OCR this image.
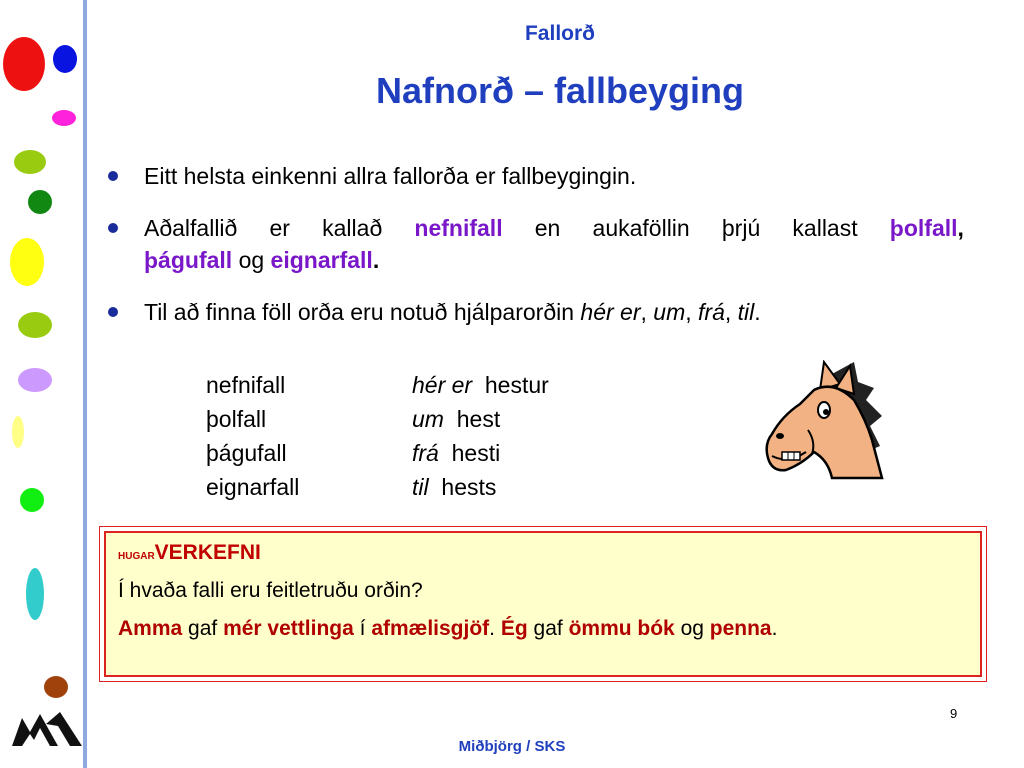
Fallorð
Nafnorð – fallbeyging
Eitt helsta einkenni allra fallorða er fallbeygingin.
Aðalfallið er kallað nefnifall en aukaföllin þrjú kallast þolfall,
þágufall og eignarfall.
Til að finna föll orða eru notuð hjálparorðin hér er, um, frá, til.
nefnifall	hér er hestur
þolfall	um hest
þágufall	frá hesti
eignarfall	til hests
HUGARVERKEFNI
Í hvaða falli eru feitletruðu orðin?
Amma gaf mér vettlinga í afmælisgjöf. Ég gaf ömmu bók og penna.
9
Miðbjörg / SKS
